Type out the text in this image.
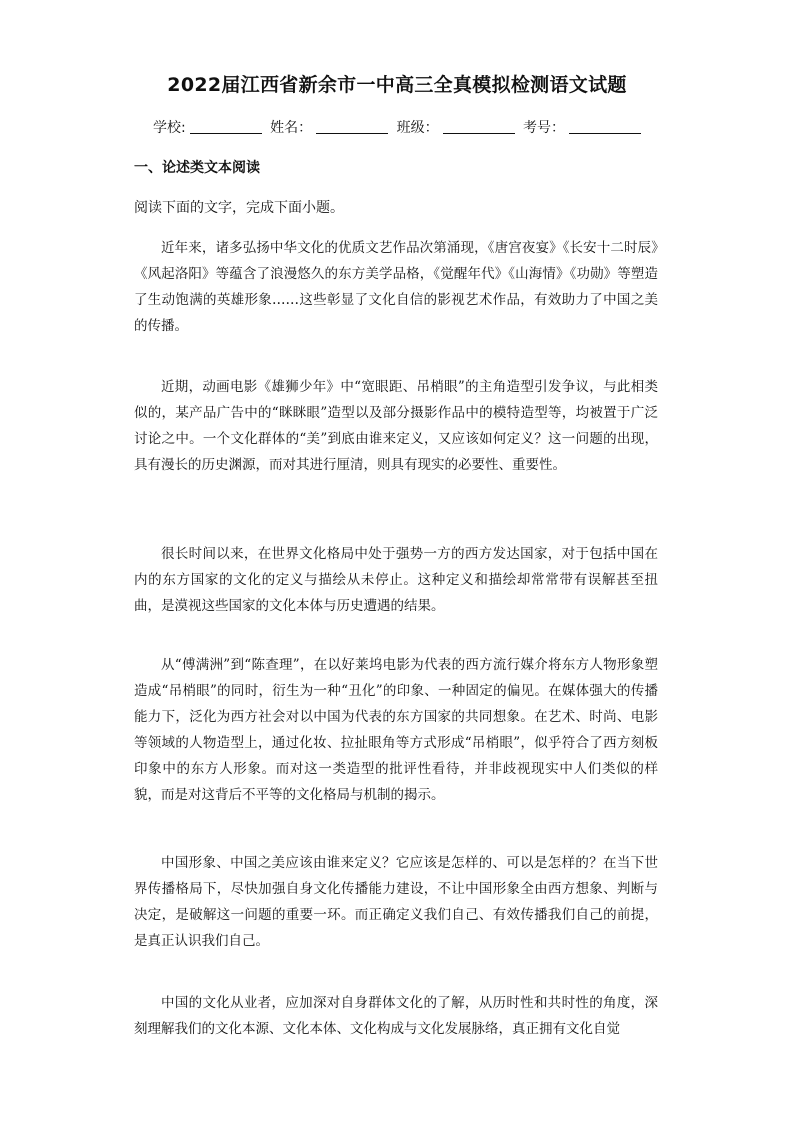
2022届江西省新余市一中高三全真模拟检测语文试题
学校:	姓名：	班级：	考号：
一、论述类文本阅读
阅读下面的文字，完成下面小题。

近年来，诸多弘扬中华文化的优质文艺作品次第涌现，《唐宫夜宴》《长安十二时辰》《风起洛阳》等蕴含了浪漫悠久的东方美学品格，《觉醒年代》《山海情》《功勋》等塑造了生动饱满的英雄形象……这些彰显了文化自信的影视艺术作品，有效助力了中国之美的传播。

近期，动画电影《雄狮少年》中“宽眼距、吊梢眼”的主角造型引发争议，与此相类似的，某产品广告中的“眯眯眼”造型以及部分摄影作品中的模特造型等，均被置于广泛讨论之中。一个文化群体的“美”到底由谁来定义，又应该如何定义？这一问题的出现，具有漫长的历史渊源，而对其进行厘清，则具有现实的必要性、重要性。

很长时间以来，在世界文化格局中处于强势一方的西方发达国家，对于包括中国在内的东方国家的文化的定义与描绘从未停止。这种定义和描绘却常常带有误解甚至扭曲，是漠视这些国家的文化本体与历史遭遇的结果。

从“傅满洲”到“陈查理”，在以好莱坞电影为代表的西方流行媒介将东方人物形象塑造成“吊梢眼”的同时，衍生为一种“丑化”的印象、一种固定的偏见。在媒体强大的传播能力下，泛化为西方社会对以中国为代表的东方国家的共同想象。在艺术、时尚、电影等领域的人物造型上，通过化妆、拉扯眼角等方式形成“吊梢眼”，似乎符合了西方刻板印象中的东方人形象。而对这一类造型的批评性看待，并非歧视现实中人们类似的样貌，而是对这背后不平等的文化格局与机制的揭示。

中国形象、中国之美应该由谁来定义？它应该是怎样的、可以是怎样的？在当下世界传播格局下，尽快加强自身文化传播能力建设，不让中国形象全由西方想象、判断与决定，是破解这一问题的重要一环。而正确定义我们自己、有效传播我们自己的前提，是真正认识我们自己。

中国的文化从业者，应加深对自身群体文化的了解，从历时性和共时性的角度，深刻理解我们的文化本源、文化本体、文化构成与文化发展脉络，真正拥有文化自觉
